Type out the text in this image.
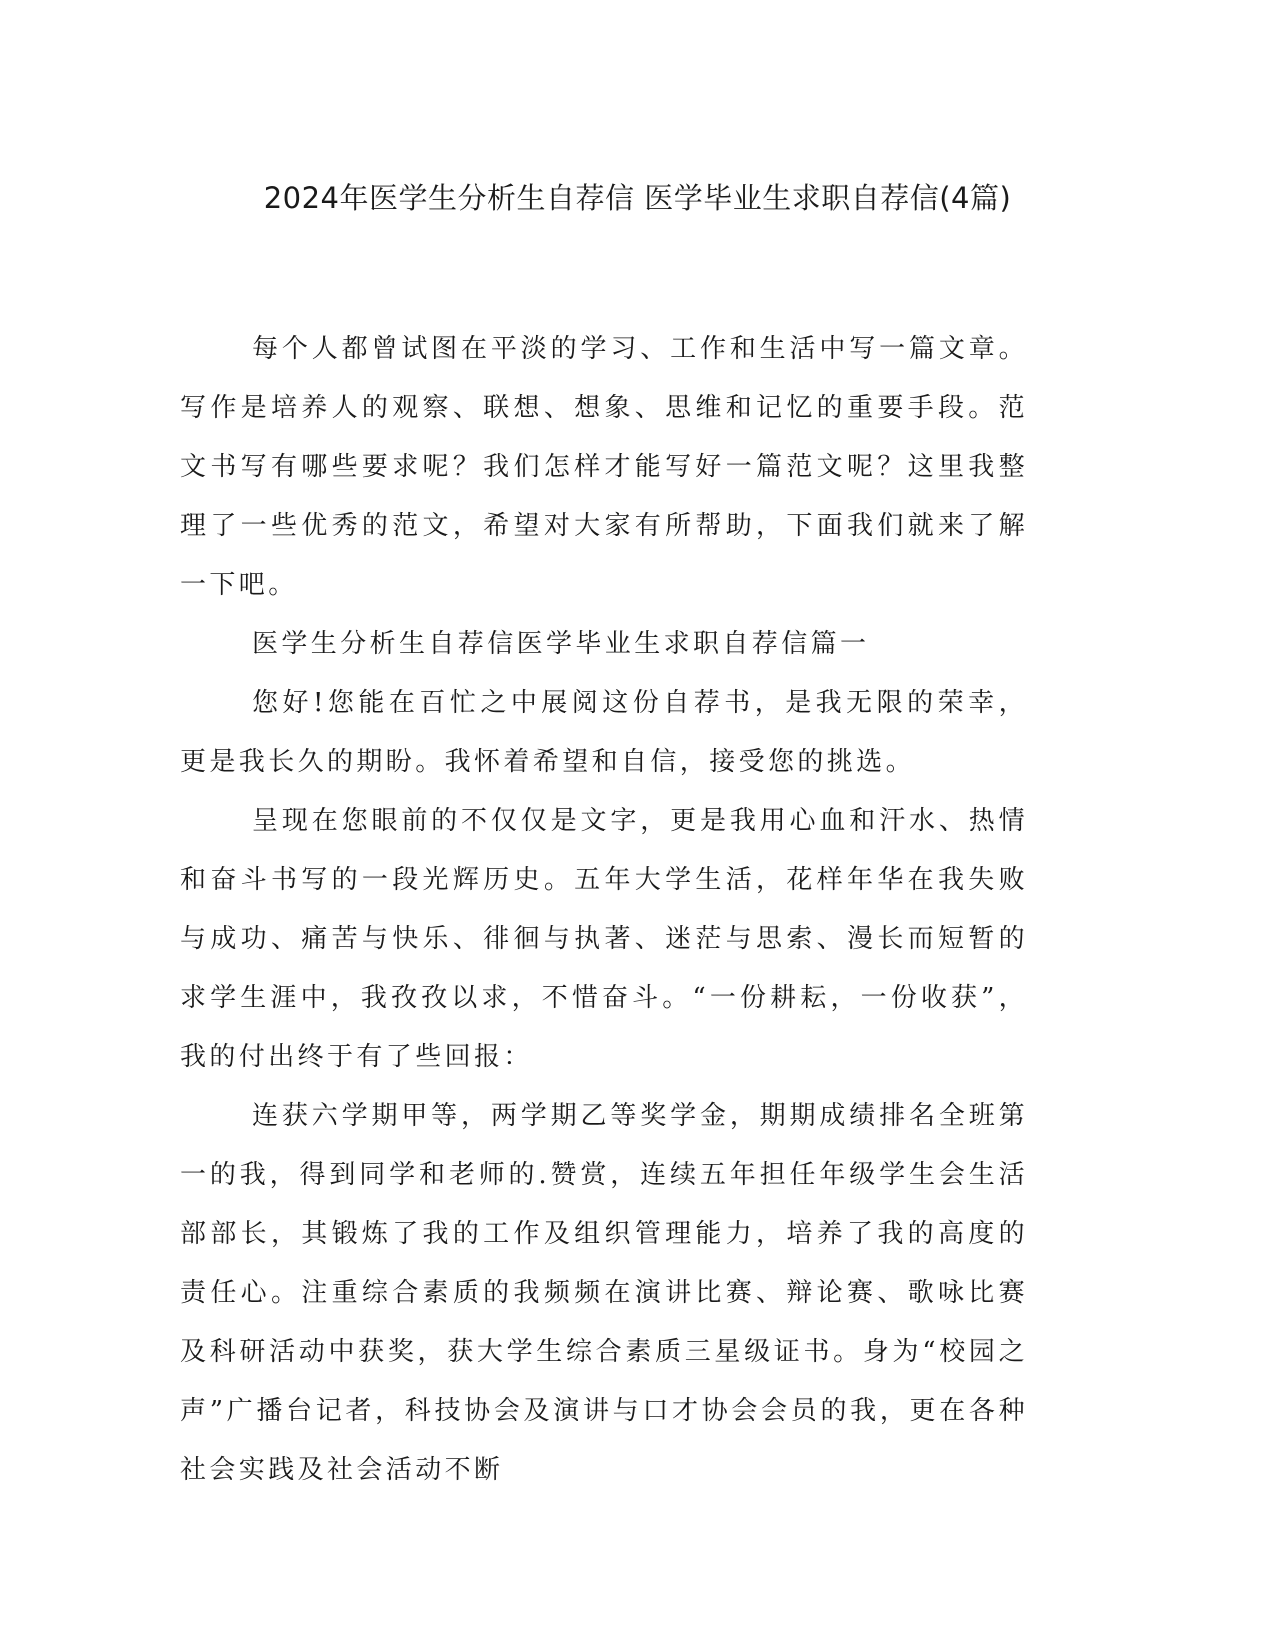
2024年医学生分析生自荐信 医学毕业生求职自荐信(4篇)

每个人都曾试图在平淡的学习、工作和生活中写一篇文章。写作是培养人的观察、联想、想象、思维和记忆的重要手段。范文书写有哪些要求呢？我们怎样才能写好一篇范文呢？这里我整理了一些优秀的范文，希望对大家有所帮助，下面我们就来了解一下吧。

医学生分析生自荐信医学毕业生求职自荐信篇一

您好!您能在百忙之中展阅这份自荐书，是我无限的荣幸，更是我长久的期盼。我怀着希望和自信，接受您的挑选。

呈现在您眼前的不仅仅是文字，更是我用心血和汗水、热情和奋斗书写的一段光辉历史。五年大学生活，花样年华在我失败与成功、痛苦与快乐、徘徊与执著、迷茫与思索、漫长而短暂的求学生涯中，我孜孜以求，不惜奋斗。“一份耕耘，一份收获”，我的付出终于有了些回报：

连获六学期甲等，两学期乙等奖学金，期期成绩排名全班第一的我，得到同学和老师的.赞赏，连续五年担任年级学生会生活部部长，其锻炼了我的工作及组织管理能力，培养了我的高度的责任心。注重综合素质的我频频在演讲比赛、辩论赛、歌咏比赛及科研活动中获奖，获大学生综合素质三星级证书。身为“校园之声”广播台记者，科技协会及演讲与口才协会会员的我，更在各种社会实践及社会活动不断
